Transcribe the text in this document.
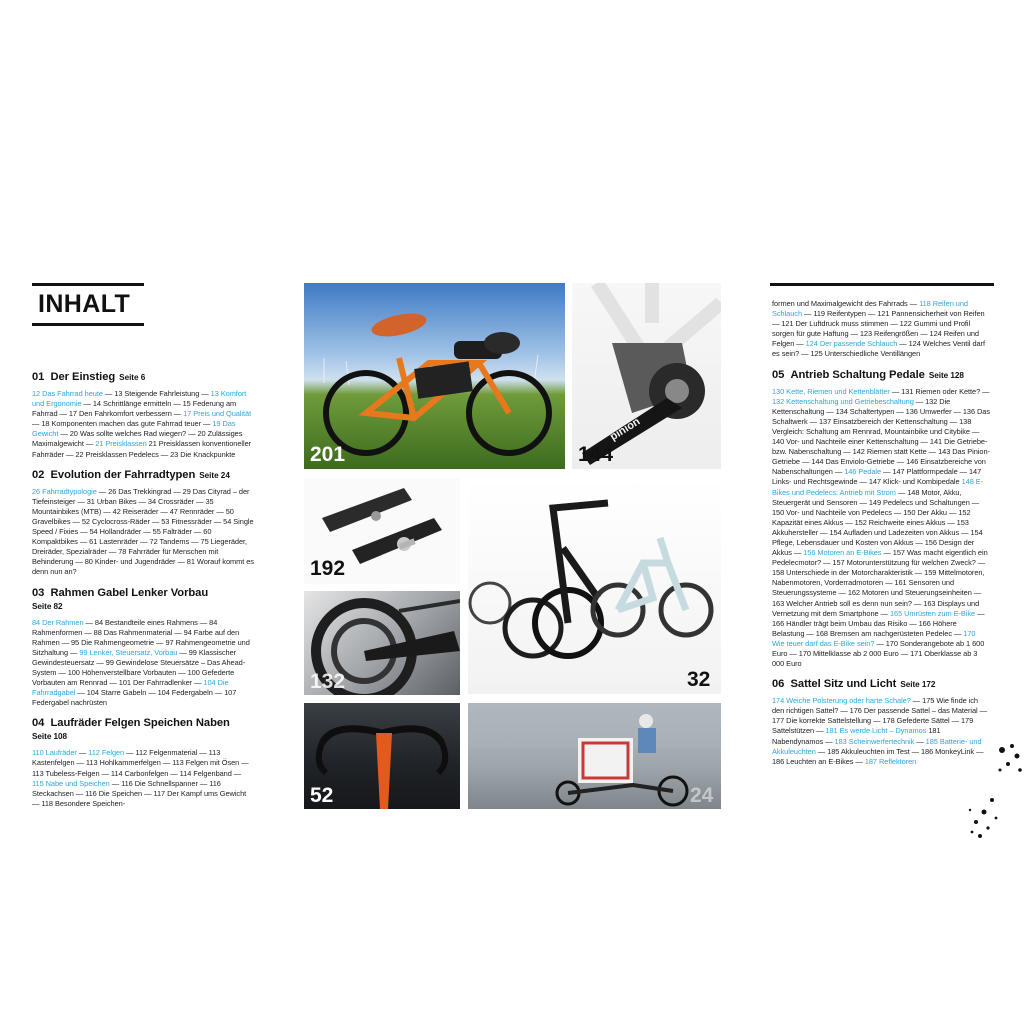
INHALT
01 Der Einstieg Seite 6

12 Das Fahrrad heute — 13 Steigende Fahrleistung — 13 Komfort und Ergonomie — 14 Schrittlänge ermitteln — 15 Federung am Fahrrad — 17 Den Fahrkomfort verbessern — 17 Preis und Qualität — 18 Komponenten machen das gute Fahrrad teuer — 19 Das Gewicht — 20 Was sollte welches Rad wiegen? — 20 Zulässiges Maximalgewicht — 21 Preisklassen 21 Preisklassen konventioneller Fahrräder — 22 Preisklassen Pedelecs — 23 Die Knackpunkte

02 Evolution der Fahrradtypen Seite 24

26 Fahrradtypologie — 26 Das Trekkingrad — 29 Das Cityrad – der Tiefeinsteiger — 31 Urban Bikes — 34 Crossräder — 35 Mountainbikes (MTB) — 42 Reiseräder — 47 Rennräder — 50 Gravelbikes — 52 Cyclocross-Räder — 53 Fitnessräder — 54 Single Speed / Fixies — 54 Hollandräder — 55 Falträder — 60 Kompaktbikes — 61 Lastenräder — 72 Tandems — 75 Liegeräder, Dreiräder, Spezialräder — 78 Fahrräder für Menschen mit Behinderung — 80 Kinder- und Jugendräder — 81 Worauf kommt es denn nun an?

03 Rahmen Gabel Lenker Vorbau
Seite 82

84 Der Rahmen — 84 Bestandteile eines Rahmens — 84 Rahmenformen — 88 Das Rahmenmaterial — 94 Farbe auf den Rahmen — 95 Die Rahmengeometrie — 97 Rahmengeometrie und Sitzhaltung — 99 Lenker, Steuersatz, Vorbau — 99 Klassischer Gewindesteuersatz — 99 Gewindelose Steuersätze – Das Ahead-System — 100 Höhenverstellbare Vorbauten — 100 Gefederte Vorbauten am Rennrad — 101 Der Fahrradlenker — 104 Die Fahrradgabel — 104 Starre Gabeln — 104 Federgabeln — 107 Federgabel nachrüsten

04 Laufräder Felgen Speichen Naben
Seite 108

110 Laufräder — 112 Felgen — 112 Felgenmaterial — 113 Kastenfelgen — 113 Hohlkammerfelgen — 113 Felgen mit Ösen — 113 Tubeless-Felgen — 114 Carbonfelgen — 114 Felgenband — 115 Nabe und Speichen — 116 Die Schnellspanner — 116 Steckachsen — 116 Die Speichen — 117 Der Kampf ums Gewicht — 118 Besondere Speichen-

formen und Maximalgewicht des Fahrrads — 118 Reifen und Schlauch — 119 Reifentypen — 121 Pannensicherheit von Reifen — 121 Der Luftdruck muss stimmen — 122 Gummi und Profil sorgen für gute Haftung — 123 Reifengrößen — 124 Reifen und Felgen — 124 Der passende Schlauch — 124 Welches Ventil darf es sein? — 125 Unterschiedliche Ventillängen

05 Antrieb Schaltung Pedale Seite 128

130 Kette, Riemen und Kettenblätter — 131 Riemen oder Kette? — 132 Kettenschaltung und Getriebeschaltung — 132 Die Kettenschaltung — 134 Schaltertypen — 136 Umwerfer — 136 Das Schaltwerk — 137 Einsatzbereich der Kettenschaltung — 138 Vergleich: Schaltung am Rennrad, Mountainbike und Citybike — 140 Vor- und Nachteile einer Kettenschaltung — 141 Die Getriebe- bzw. Nabenschaltung — 142 Riemen statt Kette — 143 Das Pinion-Getriebe — 144 Das Enviolo-Getriebe — 146 Einsatzbereiche von Nabenschaltungen — 146 Pedale — 147 Plattformpedale — 147 Links- und Rechtsgewinde — 147 Klick- und Kombipedale 148 E-Bikes und Pedelecs: Antrieb mit Strom — 148 Motor, Akku, Steuergerät und Sensoren — 149 Pedelecs und Schaltungen — 150 Vor- und Nachteile von Pedelecs — 150 Der Akku — 152 Kapazität eines Akkus — 152 Reichweite eines Akkus — 153 Akkuhersteller — 154 Aufladen und Ladezeiten von Akkus — 154 Pflege, Lebensdauer und Kosten von Akkus — 156 Design der Akkus — 156 Motoren an E-Bikes — 157 Was macht eigentlich ein Pedelecmotor? — 157 Motorunterstützung für welchen Zweck? — 158 Unterschiede in der Motorcharakteristik — 159 Mittelmotoren, Nabenmotoren, Vorderradmotoren — 161 Sensoren und Steuerungssysteme — 162 Motoren und Steuerungseinheiten — 163 Welcher Antrieb soll es denn nun sein? — 163 Displays und Vernetzung mit dem Smartphone — 165 Umrüsten zum E-Bike — 166 Händler trägt beim Umbau das Risiko — 166 Höhere Belastung — 168 Bremsen am nachgerüsteten Pedelec — 170 Wie teuer darf das E-Bike sein? — 170 Sonderangebote ab 1 600 Euro — 170 Mittelklasse ab 2 000 Euro — 171 Oberklasse ab 3 000 Euro

06 Sattel Sitz und Licht Seite 172

174 Weiche Polsterung oder harte Schale? — 175 Wie finde ich den richtigen Sattel? — 176 Der passende Sattel – das Material — 177 Die korrekte Sattelstellung — 178 Gefederte Sättel — 179 Sattelstützen — 181 Es werde Licht – Dynamos 181 Nabendynamos — 183 Scheinwerfertechnik — 185 Batterie- und Akkuleuchten — 185 Akkuleuchten im Test — 186 MonkeyLink — 186 Leuchten an E-Bikes — 187 Reflektoren

201
pinion
144
192
32
132
52	24
